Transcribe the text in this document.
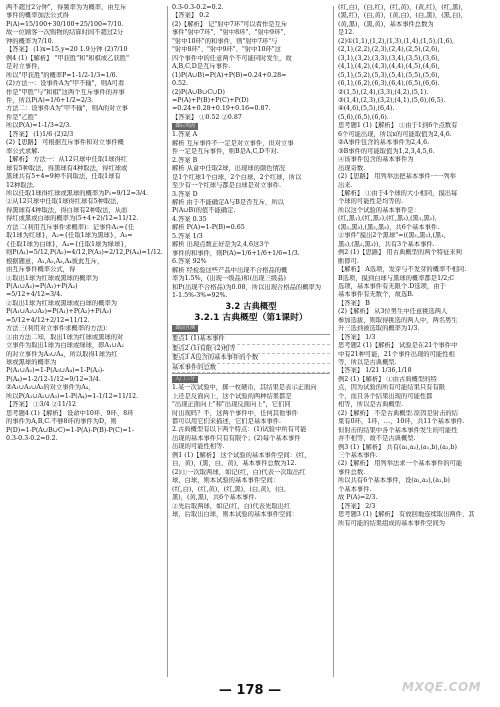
两不超过2分钟"，得频率为为概率，由互斥
事件的概率加法公式得
P(A)=15/100+30/100+25/100=7/10.
故一位顾客一次购物的结算时间不超过2分
钟的概率为7/10.
【答案】 (1)x=15,y=20 1.9分钟 (2)7/10
例4 (1)【解析】 "甲获胜"和"和棋或乙获胜"
是对立事件,
所以"甲获胜"的概率P=1-1/2-1/3=1/6.
(2)方法一：设事件A为"甲不输"，则A可看
作是"甲胜"与"和棋"这两个互斥事件的并事
件，所以P(A)=1/6+1/2=2/3.
方法二：设事件A为"甲不输"，则A的对立事
件是"乙胜"
所以P(A)=1-1/3=2/3.
【答案】 (1)1/6 (2)2/3
(2)【思路】 可根据互斥事件和对立事件概
率公式求解.
【解析】 方法一：从12只球中任取1球得红
球有5种取法，得黑球有4种取法，得红球或
黑球共有5+4=9种不同取法，任取1球有
12种取法.
所以任取1球得红球或黑球的概率为P₁=9/12=3/4.
②从12只球中任取1球得红球有5种取法，
得黑球有4种取法，得白球有2种取法，从而
得红或黑或白球的概率为(5+4+2)/12=11/12.
方法二(利用互斥事件求概率)：记事件A₁={任
取1球为红球}，A₂={任取1球为黑球}，A₃=
{任取1球为白球}，A₄={任取1球为绿球}，
则P(A₁)=5/12,P(A₂)=4/12,P(A₃)=2/12,P(A₄)=1/12.
根据题意，A₁,A₂,A₃,A₄彼此互斥，
由互斥事件概率公式，得
①取出1球为红球或黑球的概率为
P(A₁∪A₂)=P(A₁)+P(A₂)
=5/12+4/12=3/4.
②取出1球为红球或黑球或白球的概率为
P(A₁∪A₂∪A₃)=P(A₁)+P(A₂)+P(A₃)
=5/12+4/12+2/12=11/12.
方法三(利用对立事件求概率的方法)：
①由方法二知，取出1球为红球或黑球的对
立事件为取出1球为白球或绿球，即A₁∪A₂
的对立事件为A₃∪A₄，所以取得1球为红
球或黑球的概率为
P(A₁∪A₂)=1-P(A₃∪A₄)=1-P(A₃)-
P(A₄)=1-2/12-1/12=9/12=3/4.
②A₁∪A₂∪A₃的对立事件为A₄，
所以P(A₁∪A₂∪A₃)=1-P(A₄)=1-1/12=11/12.
【答案】 ①3/4 ②11/12
思考题4 (1)【解析】 设命中10环、9环、8环
的事件为A,B,C.不够8环的事件为D，则
P(D)=1-P(A∪B∪C)=1-P(A)-P(B)-P(C)=1-
0.3-0.3-0.2=0.2.
0.3-0.3-0.2=0.2.
【答案】 0.2
(2)【解析】 记"射中7环"可以看作是互斥
事件"射中7环"、"射中8环"、"射中9环"、
"射中10环"的和事件，则"射中7环"与
"射中8环"、"射中9环"、"射中10环"这
四个事件中的任意两个不可能同时发生，故
A,B,C,D是互斥事件.
(1)P(A∪B)=P(A)+P(B)=0.24+0.28=
0.52.
(2)P(A∪B∪C∪D)
=P(A)+P(B)+P(C)+P(D)
=0.24+0.28+0.19+0.16=0.87.
【答案】 ①0.52 ②0.87
课后巩固
1.答案 A
解析 互斥事件不一定是对立事件，但对立事
件一定是互斥事件，则B是A,C,D不对.
2.答案 B
解析 从盒中任取2球，出现球的颜色情况
是1个红球1个白球，2个白球，2个红球，所以
至少有一个红球与都是白球是对立事件.
3.答案 D
解析 由于不能确定A与B是否互斥，所以
P(A∪B)的值不能确定.
4.答案 0.35
解析 P(A)=1-P(B)=0.65
5.答案 1/3
解析 出现点数正好是为2,4,6这3个
事件的和事件，则P(A)=1/6+1/6+1/6=1/3.
6.答案 92%
解析 经检验这些产品中出现不合格品的概
率为1.5%，(出现一级品)和(出现三级品)
和P(出现不合格品)为0.08，所以出现合格品的概率为
1-1.5%-3%=92%.
3.2 古典概型
3.2.1 古典概型（第1课时）
课前自测
要点1 (1)基本事件
要点2 (1)有限 (2)相等
要点3 A包含的基本事件的个数
基本事件的总数
入门三分
1.某一次试验中，掷一枚硬币，其结果是表示正面向
上还是反面向上，这个试验的两种结果都是
"出现正面向上"和"出现反面向上"，它们同
时出现吗？不，这两个事件中，任何其他事件
都可以用它们来描述，它们是基本事件.
2.古典概型有以下两个特点：(1)试验中所有可能
出现的基本事件只有有限个；(2)每个基本事件
出现的可能性相等.
例1 (1)【解析】 这个试验的基本事件空间：(红，
白，黄)，(黑，白，黄)，基本事件总数为12.
(2)①一次取两球，如记(红，白)代表一次取出红
球、白球，则本试验的基本事件空间：
(红,白)，(红,黄)，(红,黑)，(白,黄)，(白,
黑)，(黄,黑)，共6个基本事件.
②先后取两球，如记(红，白)代表先取出红
球，后取出白球，则本试验的基本事件空间：
(红,白)，(白,红)，(红,黄)，(黄,红)，(红,黑)，
(黑,红)，(白,黄)，(黄,白)，(白,黑)，(黑,白)，
(黄,黑)，(黑,黄)，基本事件总数为
是12.
(2)①(1,1),(1,2),(1,3),(1,4),(1,5),(1,6),
(2,1),(2,2),(2,3),(2,4),(2,5),(2,6),
(3,1),(3,2),(3,3),(3,4),(3,5),(3,6),
(4,1),(4,2),(4,3),(4,4),(4,5),(4,6),
(5,1),(5,2),(5,3),(5,4),(5,5),(5,6),
(6,1),(6,2),(6,3),(6,4),(6,5),(6,6).
②(1,5),(2,4),(3,3),(4,2),(5,1).
③(1,4),(2,3),(3,2),(4,1),(5,6),(6,5).
④(4,6),(5,5),(6,4).
(5,6),(6,5),(6,6).
思考题1 (1)【解析】 ①由于1到6个点数有
6个可能出现，所以x的可能取值为2,4,6.
②A事件包含的基本事件为2,4,6.
③B事件的可能取值为1,2,3,4,5,6.
④该事件包含的基本事件为
出现奇数.
(2)【思路】 用列举法把基本事件一一列举
出来.
【解析】 ①由于4个球的大小相同，摸出每
个球的可能性是均等的.
所以这个试验的基本事件是：
(红,黑₁),(红,黑₂),(红,黑₃),(黑₁,黑₂),
(黑₁,黑₃),(黑₂,黑₃)，共6个基本事件.
②事件"摸出2个黑球"=((黑₁,黑₂),(黑₁,
黑₃),(黑₂,黑₃))，共有3个基本事件.
例2 (1)【思路】 用古典概型的两个特征来判
断即可.
【解析】 A选项，发芽与不发芽的概率不相同.
B选项，摸到白球与黑球的概率都是1/2;C
选项，基本事件有无限个.D选项，由于
基本事件有无数个，故选B.
【答案】 B
(2)【解析】 从3位男生中任意挑选两人
参加选拔，则取得挑选的两人中，两名男生
升三选到被选取的概率为1/3.
【答案】 1/3
思考题2 (1)【解析】 试验是在21个事件中
中有21种可能，21个事件出现的可能性相
等，所以是古典概型.
【答案】 1/21 1/36,1/18
例2 (1)【解析】 ①由古典概型的特
点，因为试验的所有可能结果只有有限
个，而且各个结果出现的可能性都
相等，所以是古典概型.
(2)【解析】 不是古典概型.原因是射击的结
果有0环，1环，…，10环，共11个基本事件.
但射击的结果中各个基本事件发生的可能性
并不相等，故不是古典概型.
例3 (1)【解析】 共有(a₁,a₂),(a₁,b),(a₂,b)
三个基本事件.
(2)【解析】 用列举法求一个基本事件的可能
事件总数.
所以共有6个基本事件，设(a₁,a₂),(a₁,b)
个基本事件.
故 P(A)=2/3.
【答案】 2/3
思考题3 (1)【解析】 有放回地连续取出两件，其
所有可能的结果组成的基本事件空间为
— 178 —	MXQE.COM
